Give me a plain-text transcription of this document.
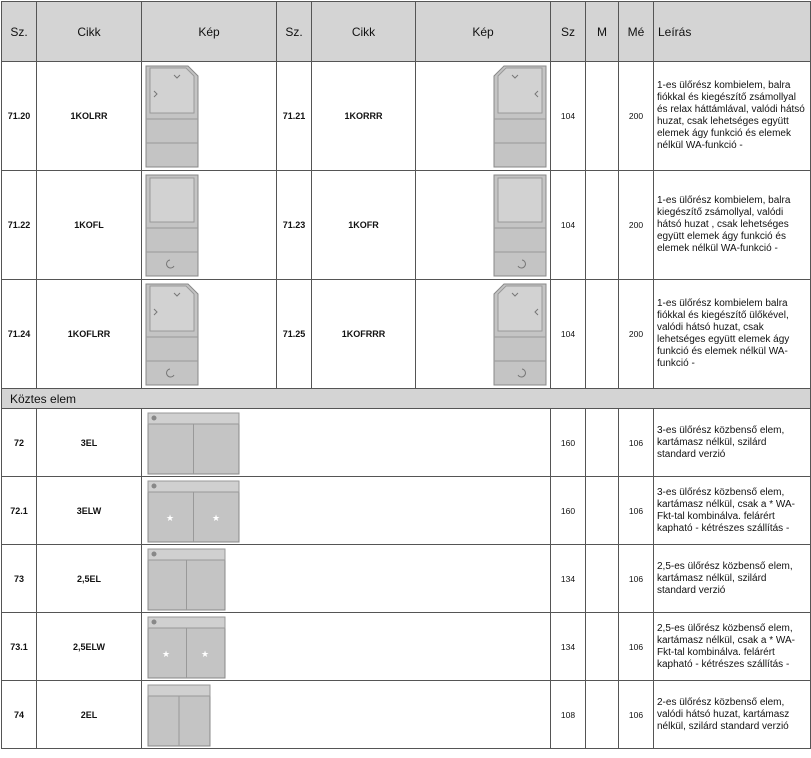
Sz.	Cikk	Kép	Sz.	Cikk	Kép	Sz	M	Mé	Leírás
71.20	1KOLRR		71.21	1KORRR		104		200	1-es ülőrész kombielem, balra fiókkal és kiegészítő zsámollyal és relax háttámlával, valódi hátsó huzat, csak lehetséges együtt elemek ágy funkció és elemek nélkül WA-funkció -
71.22	1KOFL		71.23	1KOFR		104		200	1-es ülőrész kombielem, balra kiegészítő zsámollyal, valódi hátsó huzat , csak lehetséges együtt elemek ágy funkció és elemek nélkül WA-funkció -
71.24	1KOFLRR		71.25	1KOFRRR		104		200	1-es ülőrész kombielem balra fiókkal és kiegészítő ülőkével, valódi hátsó huzat, csak lehetséges együtt elemek ágy funkció és elemek nélkül WA-funkció -
Köztes elem									
72	3EL					160		106	3-es ülőrész közbenső elem, kartámasz nélkül, szilárd standard verzió
72.1	3ELW	★ ★				160		106	3-es ülőrész közbenső elem, kartámasz nélkül, csak a * WA-Fkt-tal kombinálva. felárért kapható - kétrészes szállítás -
73	2,5EL					134		106	2,5-es ülőrész közbenső elem, kartámasz nélkül, szilárd standard verzió
73.1	2,5ELW	★ ★				134		106	2,5-es ülőrész közbenső elem, kartámasz nélkül, csak a * WA-Fkt-tal kombinálva. felárért kapható - kétrészes szállítás -
74	2EL					108		106	2-es ülőrész közbenső elem, valódi hátsó huzat, kartámasz nélkül, szilárd standard verzió
